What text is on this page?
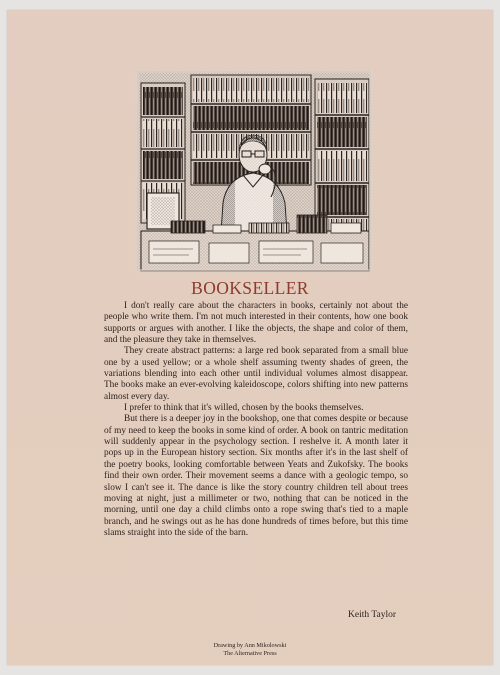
BOOKSELLER

I don't really care about the characters in books, certainly not about the people who write them. I'm not much interested in their contents, how one book supports or argues with another. I like the objects, the shape and color of them, and the pleasure they take in themselves.

They create abstract patterns: a large red book separated from a small blue one by a used yellow; or a whole shelf assuming twenty shades of green, the variations blending into each other until individual volumes almost disappear. The books make an ever-evolving kaleidoscope, colors shifting into new patterns almost every day.

I prefer to think that it's willed, chosen by the books themselves.

But there is a deeper joy in the bookshop, one that comes despite or because of my need to keep the books in some kind of order. A book on tantric meditation will suddenly appear in the psychology section. I reshelve it. A month later it pops up in the European history section. Six months after it's in the last shelf of the poetry books, looking comfortable between Yeats and Zukofsky. The books find their own order. Their movement seems a dance with a geologic tempo, so slow I can't see it. The dance is like the story country children tell about trees moving at night, just a millimeter or two, nothing that can be noticed in the morning, until one day a child climbs onto a rope swing that's tied to a maple branch, and he swings out as he has done hundreds of times before, but this time slams straight into the side of the barn.

Keith Taylor
Drawing by Ann Mikolowski
The Alternative Press
